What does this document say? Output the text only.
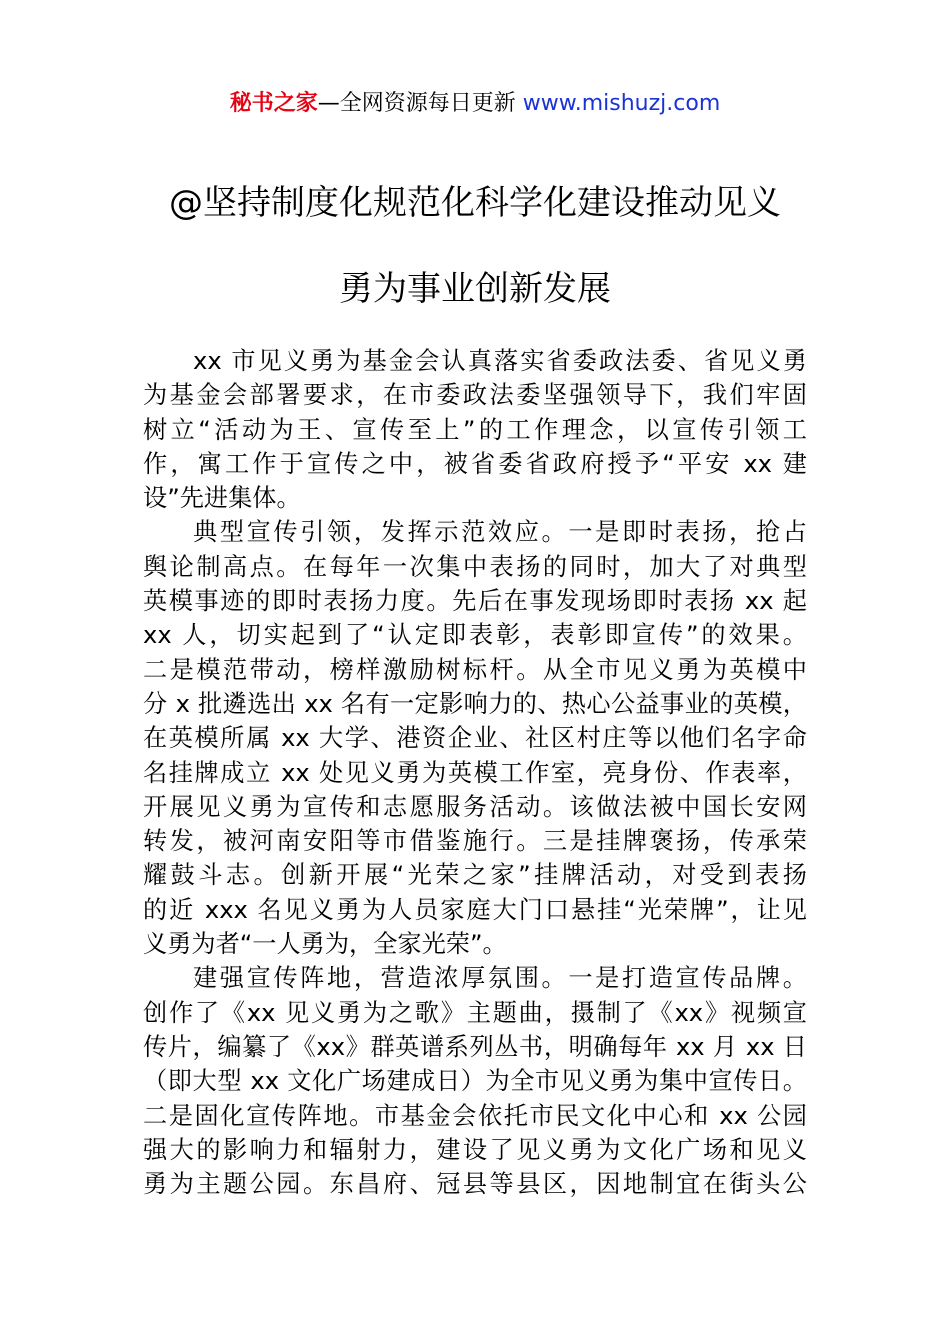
秘书之家—全网资源每日更新 www.mishuzj.com
@坚持制度化规范化科学化建设推动见义
勇为事业创新发展
xx 市见义勇为基金会认真落实省委政法委、省见义勇
为基金会部署要求，在市委政法委坚强领导下，我们牢固
树立“活动为王、宣传至上”的工作理念，以宣传引领工
作，寓工作于宣传之中，被省委省政府授予“平安 xx 建
设”先进集体。
典型宣传引领，发挥示范效应。一是即时表扬，抢占
舆论制高点。在每年一次集中表扬的同时，加大了对典型
英模事迹的即时表扬力度。先后在事发现场即时表扬 xx 起
xx 人，切实起到了“认定即表彰，表彰即宣传”的效果。
二是模范带动，榜样激励树标杆。从全市见义勇为英模中
分 x 批遴选出 xx 名有一定影响力的、热心公益事业的英模，
在英模所属 xx 大学、港资企业、社区村庄等以他们名字命
名挂牌成立 xx 处见义勇为英模工作室，亮身份、作表率，
开展见义勇为宣传和志愿服务活动。该做法被中国长安网
转发，被河南安阳等市借鉴施行。三是挂牌褒扬，传承荣
耀鼓斗志。创新开展“光荣之家”挂牌活动，对受到表扬
的近 xxx 名见义勇为人员家庭大门口悬挂“光荣牌”，让见
义勇为者“一人勇为，全家光荣”。
建强宣传阵地，营造浓厚氛围。一是打造宣传品牌。
创作了《xx 见义勇为之歌》主题曲，摄制了《xx》视频宣
传片，编纂了《xx》群英谱系列丛书，明确每年 xx 月 xx 日
（即大型 xx 文化广场建成日）为全市见义勇为集中宣传日。
二是固化宣传阵地。市基金会依托市民文化中心和 xx 公园
强大的影响力和辐射力，建设了见义勇为文化广场和见义
勇为主题公园。东昌府、冠县等县区，因地制宜在街头公
